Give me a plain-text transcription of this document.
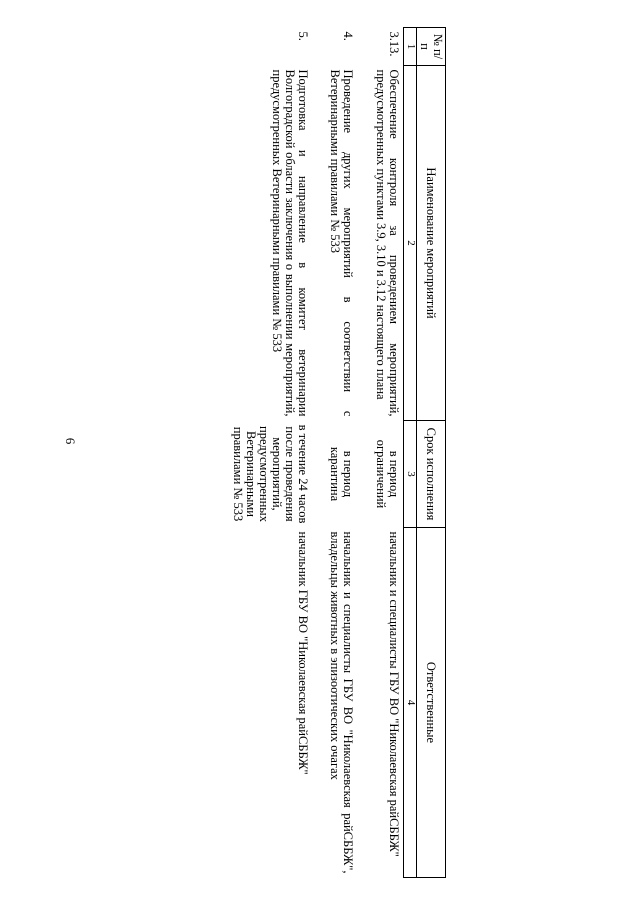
6
№ п/п	Наименование мероприятий	Срок исполнения	Ответственные
1	2	3	4
3.13.	Обеспечение контроля за проведением мероприятий, предусмотренных пунктами 3.9, 3.10 и 3.12 настоящего плана	в период ограничений	начальник и специалисты ГБУ ВО "Николаевская райСББЖ"
4.	Проведение других мероприятий в соответствии с Ветеринарными правилами № 533	в период карантина	начальник и специалисты ГБУ ВО "Николаевская райСББЖ", владельцы животных в эпизоотических очагах
5.	Подготовка и направление в комитет ветеринарии Волгоградской области заключения о выполнении мероприятий, предусмотренных Ветеринарными правилами № 533	в течение 24 часов после проведения мероприятий, предусмотренных Ветеринарными правилами № 533	начальник ГБУ ВО "Николаевская райСББЖ"
